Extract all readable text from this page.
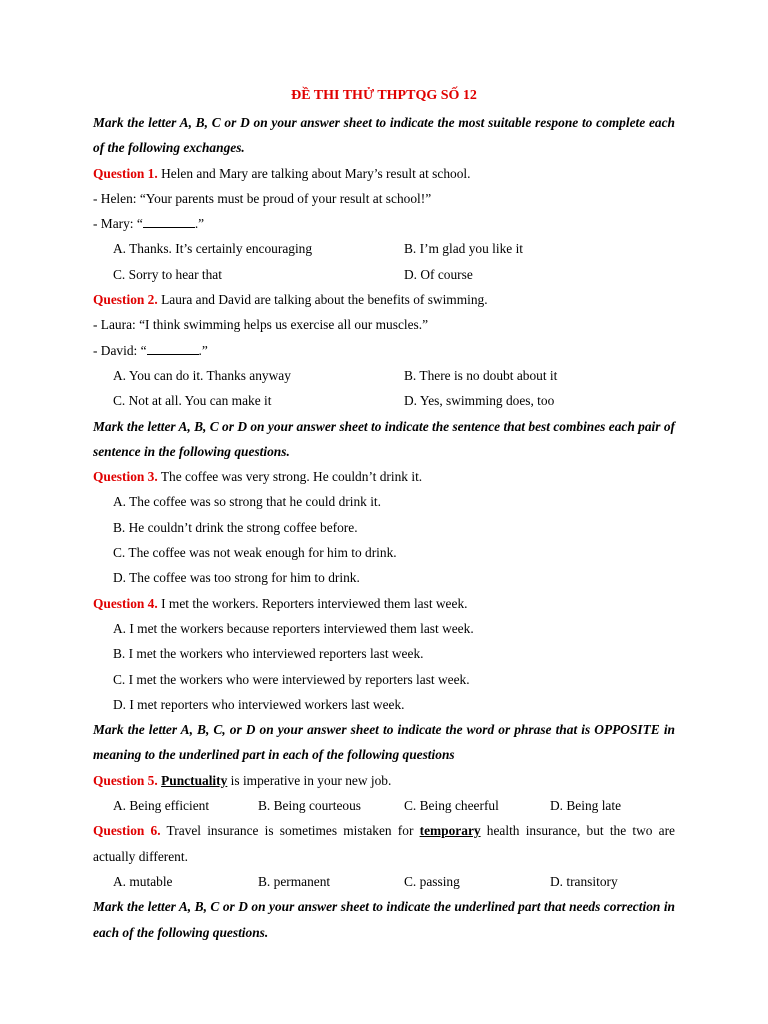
ĐỀ THI THỬ THPTQG SỐ 12
Mark the letter A, B, C or D on your answer sheet to indicate the most suitable respone to complete each of the following exchanges.
Question 1. Helen and Mary are talking about Mary’s result at school.
- Helen: “Your parents must be proud of your result at school!”
- Mary: “	.”
A. Thanks. It’s certainly encouraging	B. I’m glad you like it
C. Sorry to hear that	D. Of course
Question 2. Laura and David are talking about the benefits of swimming.
- Laura: “I think swimming helps us exercise all our muscles.”
- David: “	.”
A. You can do it. Thanks anyway	B. There is no doubt about it
C. Not at all. You can make it	D. Yes, swimming does, too
Mark the letter A, B, C or D on your answer sheet to indicate the sentence that best combines each pair of sentence in the following questions.
Question 3. The coffee was very strong. He couldn’t drink it.
A. The coffee was so strong that he could drink it.
B. He couldn’t drink the strong coffee before.
C. The coffee was not weak enough for him to drink.
D. The coffee was too strong for him to drink.
Question 4. I met the workers. Reporters interviewed them last week.
A. I met the workers because reporters interviewed them last week.
B. I met the workers who interviewed reporters last week.
C. I met the workers who were interviewed by reporters last week.
D. I met reporters who interviewed workers last week.
Mark the letter A, B, C, or D on your answer sheet to indicate the word or phrase that is OPPOSITE in meaning to the underlined part in each of the following questions
Question 5. Punctuality is imperative in your new job.
A. Being efficient	B. Being courteous	C. Being cheerful	D. Being late
Question 6. Travel insurance is sometimes mistaken for temporary health insurance, but the two are actually different.
A. mutable	B. permanent	C. passing	D. transitory
Mark the letter A, B, C or D on your answer sheet to indicate the underlined part that needs correction in each of the following questions.
